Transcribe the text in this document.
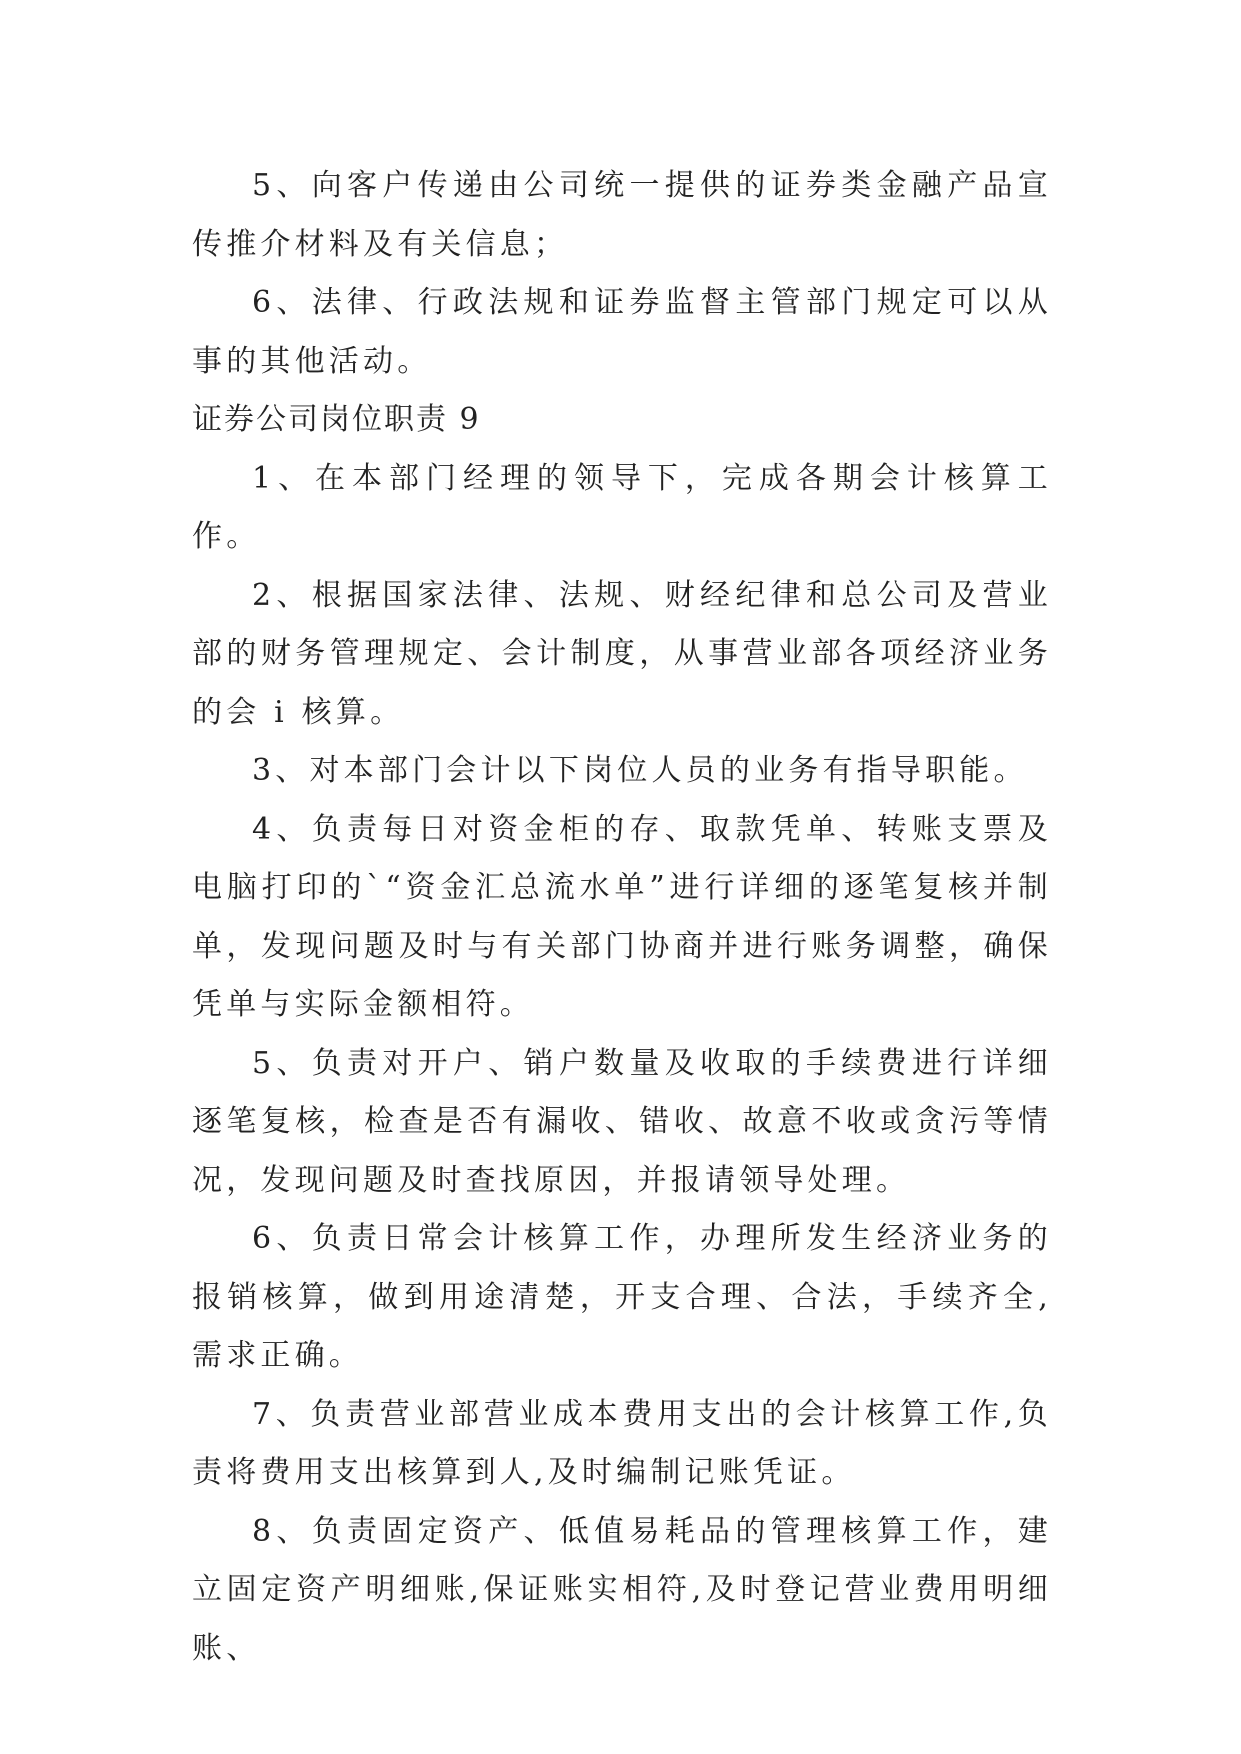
5、向客户传递由公司统一提供的证券类金融产品宣传推介材料及有关信息；

6、法律、行政法规和证券监督主管部门规定可以从事的其他活动。

证券公司岗位职责 9

1、在本部门经理的领导下，完成各期会计核算工作。

2、根据国家法律、法规、财经纪律和总公司及营业部的财务管理规定、会计制度，从事营业部各项经济业务的会 i 核算。

3、对本部门会计以下岗位人员的业务有指导职能。

4、负责每日对资金柜的存、取款凭单、转账支票及电脑打印的`“资金汇总流水单”进行详细的逐笔复核并制单，发现问题及时与有关部门协商并进行账务调整，确保凭单与实际金额相符。

5、负责对开户、销户数量及收取的手续费进行详细逐笔复核，检查是否有漏收、错收、故意不收或贪污等情况，发现问题及时查找原因，并报请领导处理。

6、负责日常会计核算工作，办理所发生经济业务的报销核算，做到用途清楚，开支合理、合法，手续齐全,需求正确。

7、负责营业部营业成本费用支出的会计核算工作,负责将费用支出核算到人,及时编制记账凭证。

8、负责固定资产、低值易耗品的管理核算工作，建立固定资产明细账,保证账实相符,及时登记营业费用明细账、
